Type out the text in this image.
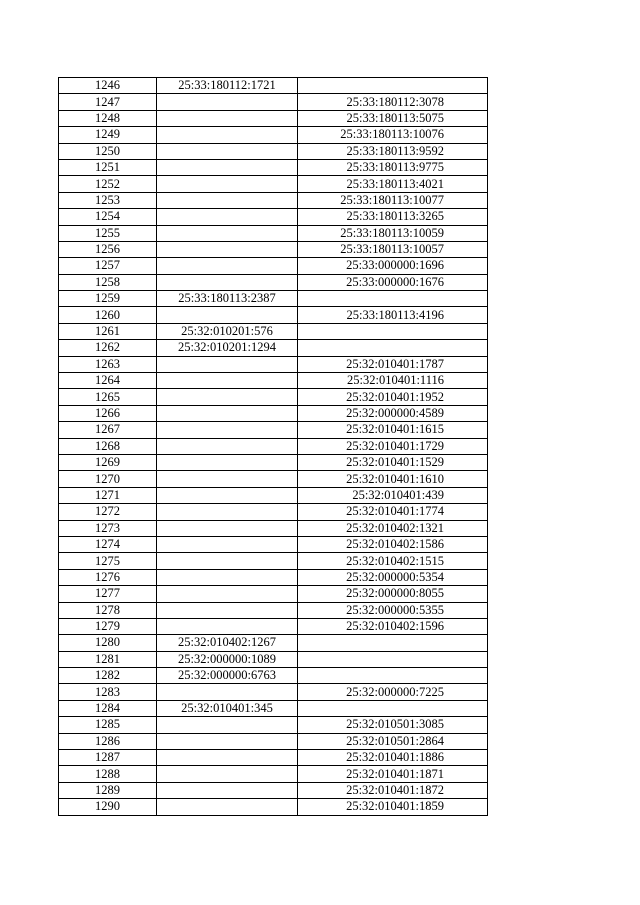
1246	25:33:180112:1721	
1247		25:33:180112:3078
1248		25:33:180113:5075
1249		25:33:180113:10076
1250		25:33:180113:9592
1251		25:33:180113:9775
1252		25:33:180113:4021
1253		25:33:180113:10077
1254		25:33:180113:3265
1255		25:33:180113:10059
1256		25:33:180113:10057
1257		25:33:000000:1696
1258		25:33:000000:1676
1259	25:33:180113:2387	
1260		25:33:180113:4196
1261	25:32:010201:576	
1262	25:32:010201:1294	
1263		25:32:010401:1787
1264		25:32:010401:1116
1265		25:32:010401:1952
1266		25:32:000000:4589
1267		25:32:010401:1615
1268		25:32:010401:1729
1269		25:32:010401:1529
1270		25:32:010401:1610
1271		25:32:010401:439
1272		25:32:010401:1774
1273		25:32:010402:1321
1274		25:32:010402:1586
1275		25:32:010402:1515
1276		25:32:000000:5354
1277		25:32:000000:8055
1278		25:32:000000:5355
1279		25:32:010402:1596
1280	25:32:010402:1267	
1281	25:32:000000:1089	
1282	25:32:000000:6763	
1283		25:32:000000:7225
1284	25:32:010401:345	
1285		25:32:010501:3085
1286		25:32:010501:2864
1287		25:32:010401:1886
1288		25:32:010401:1871
1289		25:32:010401:1872
1290		25:32:010401:1859
